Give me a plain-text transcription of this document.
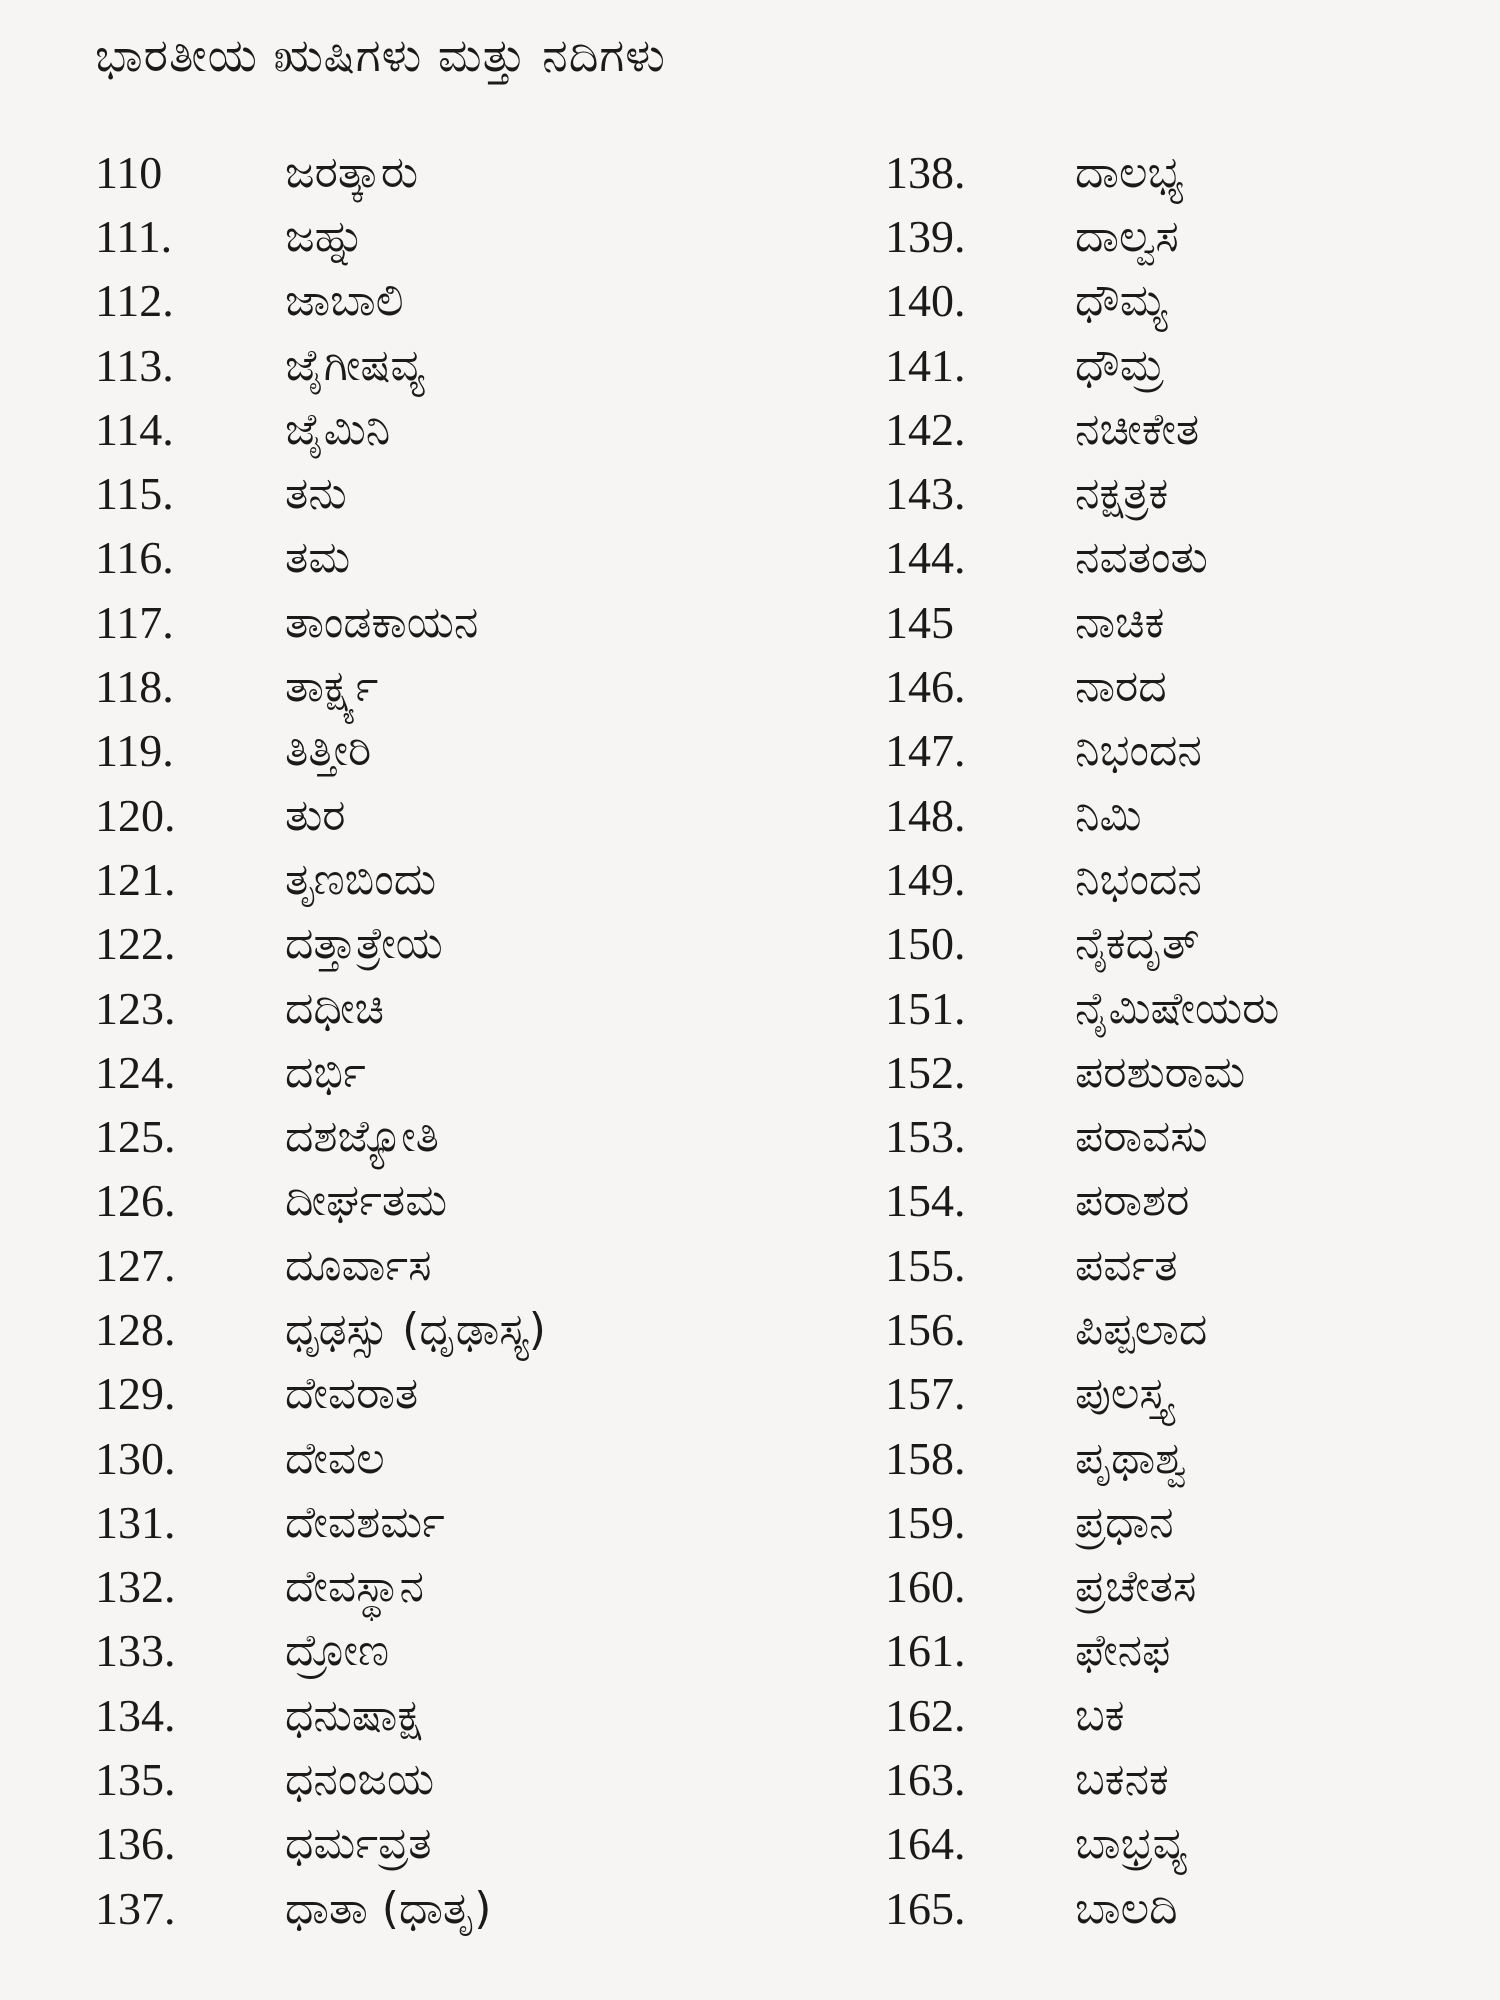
ಭಾರತೀಯ ಋಷಿಗಳು ಮತ್ತು ನದಿಗಳು
110	ಜರತ್ಕಾರು
111.	ಜಹ್ನು
112.	ಜಾಬಾಲಿ
113.	ಜೈಗೀಷವ್ಯ
114.	ಜೈಮಿನಿ
115.	ತನು
116.	ತಮ
117.	ತಾಂಡಕಾಯನ
118.	ತಾರ್ಕ್ಷ್ಯ
119.	ತಿತ್ತೀರಿ
120.	ತುರ
121.	ತೃಣಬಿಂದು
122.	ದತ್ತಾತ್ರೇಯ
123.	ದಧೀಚಿ
124.	ದರ್ಭಿ
125.	ದಶಜ್ಯೋತಿ
126.	ದೀರ್ಘತಮ
127.	ದೂರ್ವಾಸ
128.	ಧೃಢಸ್ಸು (ಧೃಢಾಸ್ಯ)
129.	ದೇವರಾತ
130.	ದೇವಲ
131.	ದೇವಶರ್ಮ
132.	ದೇವಸ್ಥಾನ
133.	ದ್ರೋಣ
134.	ಧನುಷಾಕ್ಷ
135.	ಧನಂಜಯ
136.	ಧರ್ಮವ್ರತ
137.	ಧಾತಾ (ಧಾತೃ)
138.	ದಾಲಭ್ಯ
139.	ದಾಲ್ವಸ
140.	ಧೌಮ್ಯ
141.	ಧೌಮ್ರ
142.	ನಚೀಕೇತ
143.	ನಕ್ಷತ್ರಕ
144.	ನವತಂತು
145	ನಾಚಿಕ
146.	ನಾರದ
147.	ನಿಭಂದನ
148.	ನಿಮಿ
149.	ನಿಭಂದನ
150.	ನೈಕದೃತ್
151.	ನೈಮಿಷೇಯರು
152.	ಪರಶುರಾಮ
153.	ಪರಾವಸು
154.	ಪರಾಶರ
155.	ಪರ್ವತ
156.	ಪಿಪ್ಪಲಾದ
157.	ಪುಲಸ್ತ್ಯ
158.	ಪೃಥಾಶ್ವ
159.	ಪ್ರಧಾನ
160.	ಪ್ರಚೇತಸ
161.	ಫೇನಫ
162.	ಬಕ
163.	ಬಕನಕ
164.	ಬಾಭ್ರವ್ಯ
165.	ಬಾಲದಿ
